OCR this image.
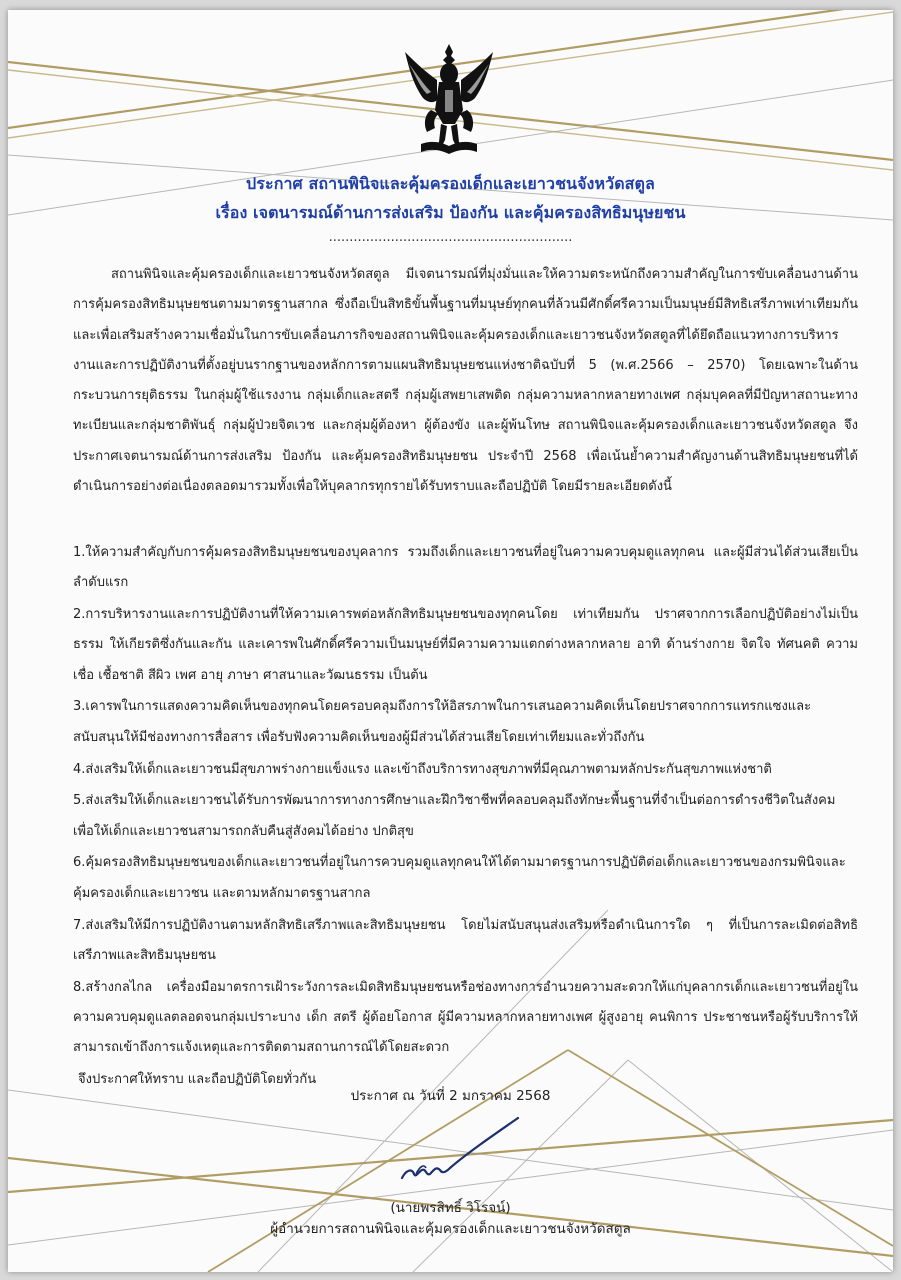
ประกาศ สถานพินิจและคุ้มครองเด็กและเยาวชนจังหวัดสตูล
เรื่อง เจตนารมณ์ด้านการส่งเสริม ป้องกัน และคุ้มครองสิทธิมนุษยชน
...........................................................
สถานพินิจและคุ้มครองเด็กและเยาวชนจังหวัดสตูล มีเจตนารมณ์ที่มุ่งมั่นและให้ความตระหนักถึงความสำคัญในการขับเคลื่อนงานด้านการคุ้มครองสิทธิมนุษยชนตามมาตรฐานสากล ซึ่งถือเป็นสิทธิขั้นพื้นฐานที่มนุษย์ทุกคนที่ล้วนมีศักดิ์ศรีความเป็นมนุษย์มีสิทธิเสรีภาพเท่าเทียมกันและเพื่อเสริมสร้างความเชื่อมั่นในการขับเคลื่อนภารกิจของสถานพินิจและคุ้มครองเด็กและเยาวชนจังหวัดสตูลที่ได้ยึดถือแนวทางการบริหารงานและการปฏิบัติงานที่ตั้งอยู่บนรากฐานของหลักการตามแผนสิทธิมนุษยชนแห่งชาติฉบับที่ 5 (พ.ศ.2566 – 2570) โดยเฉพาะในด้านกระบวนการยุติธรรม ในกลุ่มผู้ใช้แรงงาน กลุ่มเด็กและสตรี กลุ่มผู้เสพยาเสพติด กลุ่มความหลากหลายทางเพศ กลุ่มบุคคลที่มีปัญหาสถานะทางทะเบียนและกลุ่มชาติพันธุ์ กลุ่มผู้ป่วยจิตเวช และกลุ่มผู้ต้องหา ผู้ต้องขัง และผู้พ้นโทษ สถานพินิจและคุ้มครองเด็กและเยาวชนจังหวัดสตูล จึงประกาศเจตนารมณ์ด้านการส่งเสริม ป้องกัน และคุ้มครองสิทธิมนุษยชน ประจำปี 2568 เพื่อเน้นย้ำความสำคัญงานด้านสิทธิมนุษยชนที่ได้ดำเนินการอย่างต่อเนื่องตลอดมารวมทั้งเพื่อให้บุคลากรทุกรายได้รับทราบและถือปฏิบัติ โดยมีรายละเอียดดังนี้
1.ให้ความสำคัญกับการคุ้มครองสิทธิมนุษยชนของบุคลากร รวมถึงเด็กและเยาวชนที่อยู่ในความควบคุมดูแลทุกคน และผู้มีส่วนได้ส่วนเสียเป็นลำดับแรก
2.การบริหารงานและการปฏิบัติงานที่ให้ความเคารพต่อหลักสิทธิมนุษยชนของทุกคนโดย เท่าเทียมกัน ปราศจากการเลือกปฏิบัติอย่างไม่เป็นธรรม ให้เกียรติซึ่งกันและกัน และเคารพในศักดิ์ศรีความเป็นมนุษย์ที่มีความความแตกต่างหลากหลาย อาทิ ด้านร่างกาย จิตใจ ทัศนคติ ความเชื่อ เชื้อชาติ สีผิว เพศ อายุ ภาษา ศาสนาและวัฒนธรรม เป็นต้น
3.เคารพในการแสดงความคิดเห็นของทุกคนโดยครอบคลุมถึงการให้อิสรภาพในการเสนอความคิดเห็นโดยปราศจากการแทรกแซงและสนับสนุนให้มีช่องทางการสื่อสาร เพื่อรับฟังความคิดเห็นของผู้มีส่วนได้ส่วนเสียโดยเท่าเทียมและทั่วถึงกัน
4.ส่งเสริมให้เด็กและเยาวชนมีสุขภาพร่างกายแข็งแรง และเข้าถึงบริการทางสุขภาพที่มีคุณภาพตามหลักประกันสุขภาพแห่งชาติ
5.ส่งเสริมให้เด็กและเยาวชนได้รับการพัฒนาการทางการศึกษาและฝึกวิชาชีพที่คลอบคลุมถึงทักษะพื้นฐานที่จำเป็นต่อการดำรงชีวิตในสังคม เพื่อให้เด็กและเยาวชนสามารถกลับคืนสู่สังคมได้อย่าง ปกติสุข
6.คุ้มครองสิทธิมนุษยชนของเด็กและเยาวชนที่อยู่ในการควบคุมดูแลทุกคนให้ได้ตามมาตรฐานการปฏิบัติต่อเด็กและเยาวชนของกรมพินิจและคุ้มครองเด็กและเยาวชน และตามหลักมาตรฐานสากล
7.ส่งเสริมให้มีการปฏิบัติงานตามหลักสิทธิเสรีภาพและสิทธิมนุษยชน โดยไม่สนับสนุนส่งเสริมหรือดำเนินการใด ๆ ที่เป็นการละเมิดต่อสิทธิเสรีภาพและสิทธิมนุษยชน
8.สร้างกลไกล เครื่องมือมาตรการเฝ้าระวังการละเมิดสิทธิมนุษยชนหรือช่องทางการอำนวยความสะดวกให้แก่บุคลากรเด็กและเยาวชนที่อยู่ในความควบคุมดูแลตลอดจนกลุ่มเปราะบาง เด็ก สตรี ผู้ด้อยโอกาส ผู้มีความหลากหลายทางเพศ ผู้สูงอายุ คนพิการ ประชาชนหรือผู้รับบริการให้สามารถเข้าถึงการแจ้งเหตุและการติดตามสถานการณ์ได้โดยสะดวก
จึงประกาศให้ทราบ และถือปฏิบัติโดยทั่วกัน
ประกาศ ณ วันที่ 2 มกราคม 2568
(นายพรสิทธิ์ วิโรจน์)
ผู้อำนวยการสถานพินิจและคุ้มครองเด็กและเยาวชนจังหวัดสตูล
